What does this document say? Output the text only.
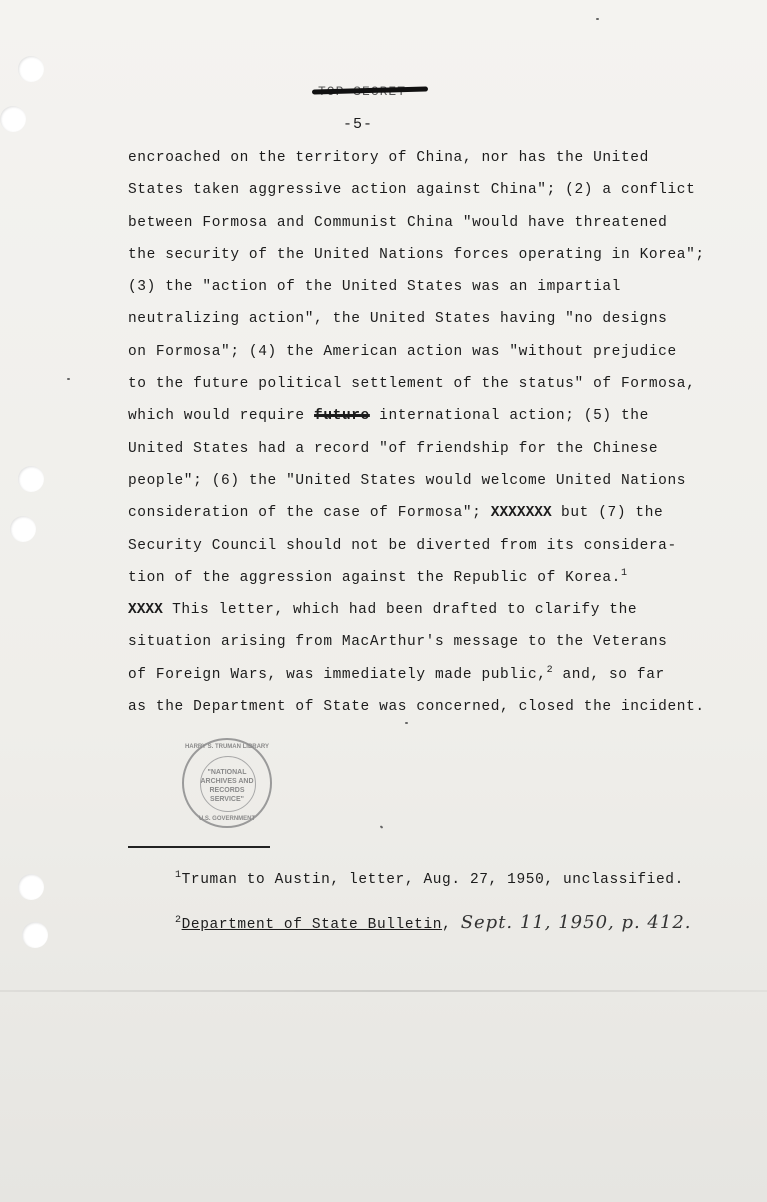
-5-
encroached on the territory of China, nor has the United
States taken aggressive action against China"; (2) a conflict
between Formosa and Communist China "would have threatened
the security of the United Nations forces operating in Korea";
(3) the "action of the United States was an impartial
neutralizing action", the United States having "no designs
on Formosa"; (4) the American action was "without prejudice
to the future political settlement of the status" of Formosa,
which would require future international action; (5) the
United States had a record "of friendship for the Chinese
people"; (6) the "United States would welcome United Nations
consideration of the case of Formosa"; XXXXXXX but (7) the
Security Council should not be diverted from its considera-
tion of the aggression against the Republic of Korea.$^1$
XXXX This letter, which had been drafted to clarify the
situation arising from MacArthur's message to the Veterans
of Foreign Wars, was immediately made public,$^2$ and, so far
as the Department of State was concerned, closed the incident.
HARRY S. TRUMAN LIBRARY
"NATIONAL
ARCHIVES AND
RECORDS
SERVICE"
U.S. GOVERNMENT
$^1$Truman to Austin, letter, Aug. 27, 1950, unclassified.
$^2$Department of State Bulletin, Sept. 11, 1950, p. 412.
